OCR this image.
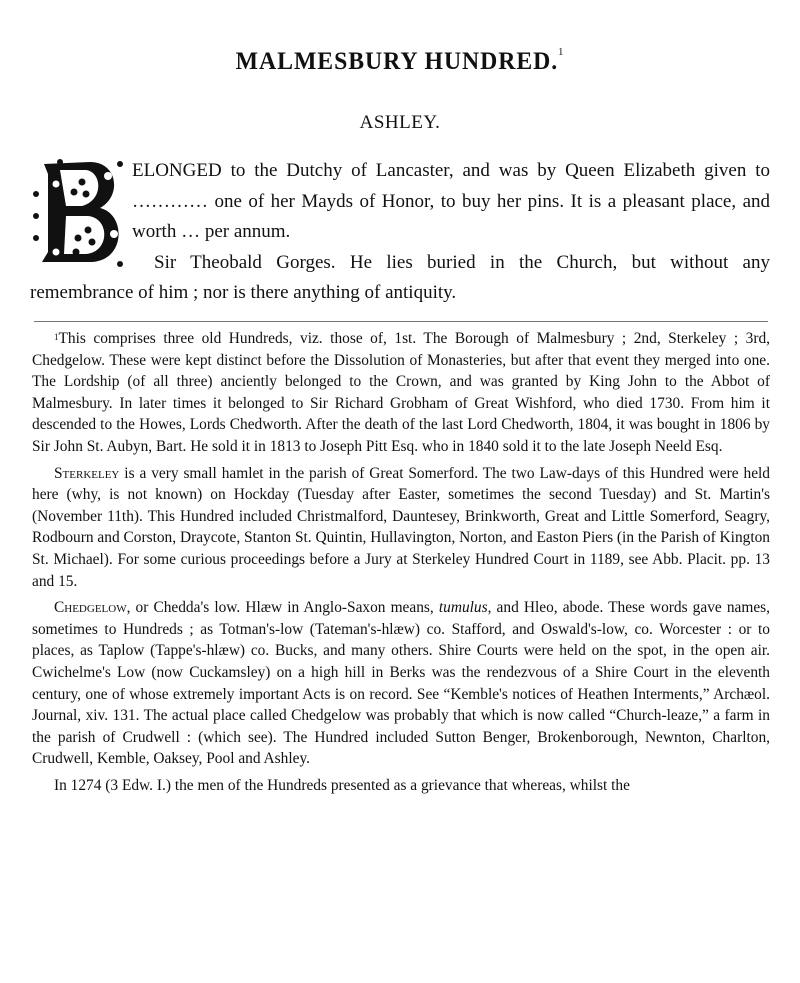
MALMESBURY HUNDRED.$^1$
ASHLEY.

ELONGED to the Dutchy of Lancaster, and was by Queen Elizabeth given to ………… one of her Mayds of Honor, to buy her pins. It is a pleasant place, and worth … per annum.

Sir Theobald Gorges. He lies buried in the Church, but without any remembrance of him ; nor is there anything of antiquity.

$^1$This comprises three old Hundreds, viz. those of, 1st. The Borough of Malmesbury ; 2nd, Sterkeley ; 3rd, Chedgelow. These were kept distinct before the Dissolution of Monasteries, but after that event they merged into one. The Lordship (of all three) anciently belonged to the Crown, and was granted by King John to the Abbot of Malmesbury. In later times it belonged to Sir Richard Grobham of Great Wishford, who died 1730. From him it descended to the Howes, Lords Chedworth. After the death of the last Lord Chedworth, 1804, it was bought in 1806 by Sir John St. Aubyn, Bart. He sold it in 1813 to Joseph Pitt Esq. who in 1840 sold it to the late Joseph Neeld Esq.

Sterkeley is a very small hamlet in the parish of Great Somerford. The two Law-days of this Hundred were held here (why, is not known) on Hockday (Tuesday after Easter, sometimes the second Tuesday) and St. Martin's (November 11th). This Hundred included Christmalford, Dauntesey, Brinkworth, Great and Little Somerford, Seagry, Rodbourn and Corston, Draycote, Stanton St. Quintin, Hullavington, Norton, and Easton Piers (in the Parish of Kington St. Michael). For some curious proceedings before a Jury at Sterkeley Hundred Court in 1189, see Abb. Placit. pp. 13 and 15.

Chedgelow, or Chedda's low. Hlæw in Anglo-Saxon means, tumulus, and Hleo, abode. These words gave names, sometimes to Hundreds ; as Totman's-low (Tateman's-hlæw) co. Stafford, and Oswald's-low, co. Worcester : or to places, as Taplow (Tappe's-hlæw) co. Bucks, and many others. Shire Courts were held on the spot, in the open air. Cwichelme's Low (now Cuckamsley) on a high hill in Berks was the rendezvous of a Shire Court in the eleventh century, one of whose extremely important Acts is on record. See “Kemble's notices of Heathen Interments,” Archæol. Journal, xiv. 131. The actual place called Chedgelow was probably that which is now called “Church-leaze,” a farm in the parish of Crudwell : (which see). The Hundred included Sutton Benger, Brokenborough, Newnton, Charlton, Crudwell, Kemble, Oaksey, Pool and Ashley.

In 1274 (3 Edw. I.) the men of the Hundreds presented as a grievance that whereas, whilst the
